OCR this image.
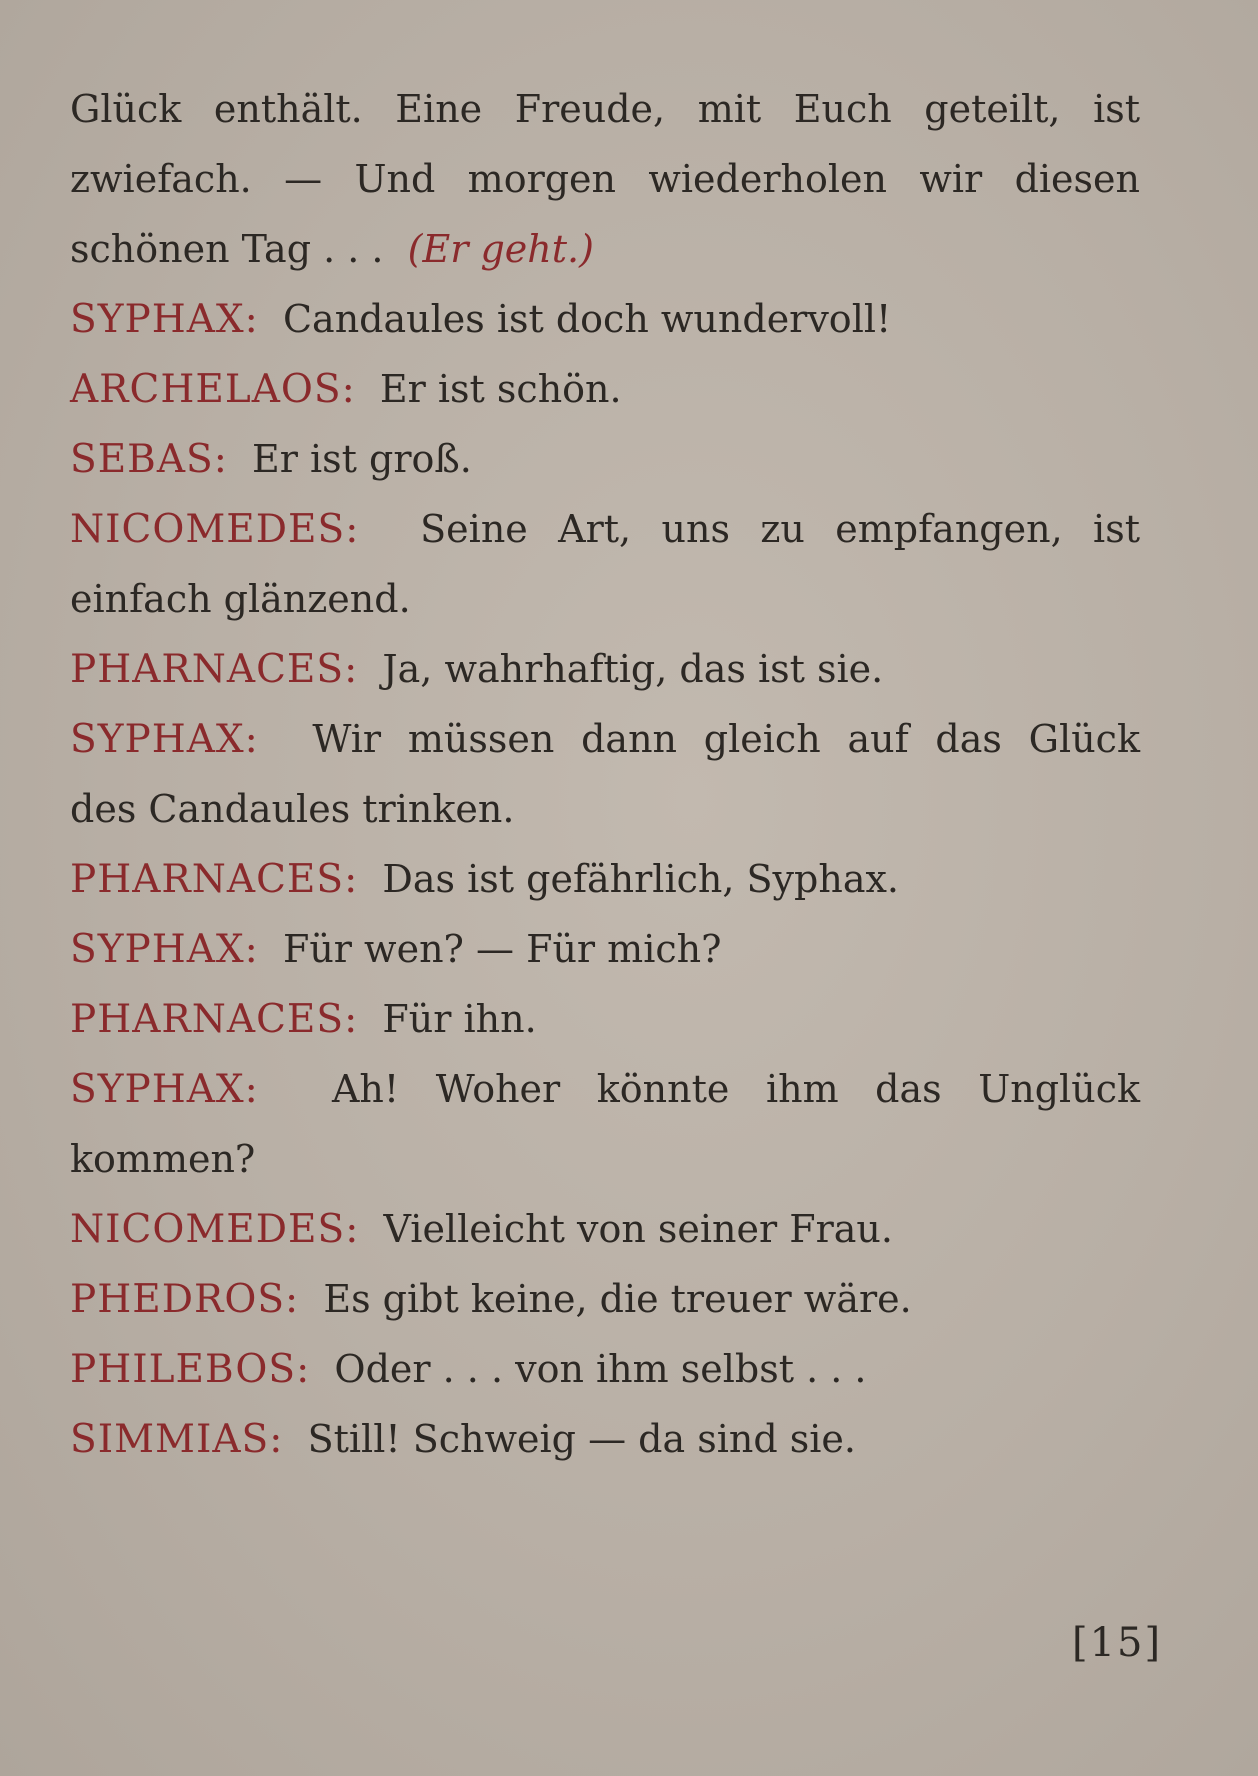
Glück enthält. Eine Freude, mit Euch geteilt, ist
zwiefach. — Und morgen wiederholen wir diesen
schönen Tag . . . (Er geht.)
SYPHAX: Candaules ist doch wundervoll!
ARCHELAOS: Er ist schön.
SEBAS: Er ist groß.
NICOMEDES: Seine Art, uns zu empfangen, ist
einfach glänzend.
PHARNACES: Ja, wahrhaftig, das ist sie.
SYPHAX: Wir müssen dann gleich auf das Glück
des Candaules trinken.
PHARNACES: Das ist gefährlich, Syphax.
SYPHAX: Für wen? — Für mich?
PHARNACES: Für ihn.
SYPHAX: Ah! Woher könnte ihm das Unglück
kommen?
NICOMEDES: Vielleicht von seiner Frau.
PHEDROS: Es gibt keine, die treuer wäre.
PHILEBOS: Oder . . . von ihm selbst . . .
SIMMIAS: Still! Schweig — da sind sie.
[15]
